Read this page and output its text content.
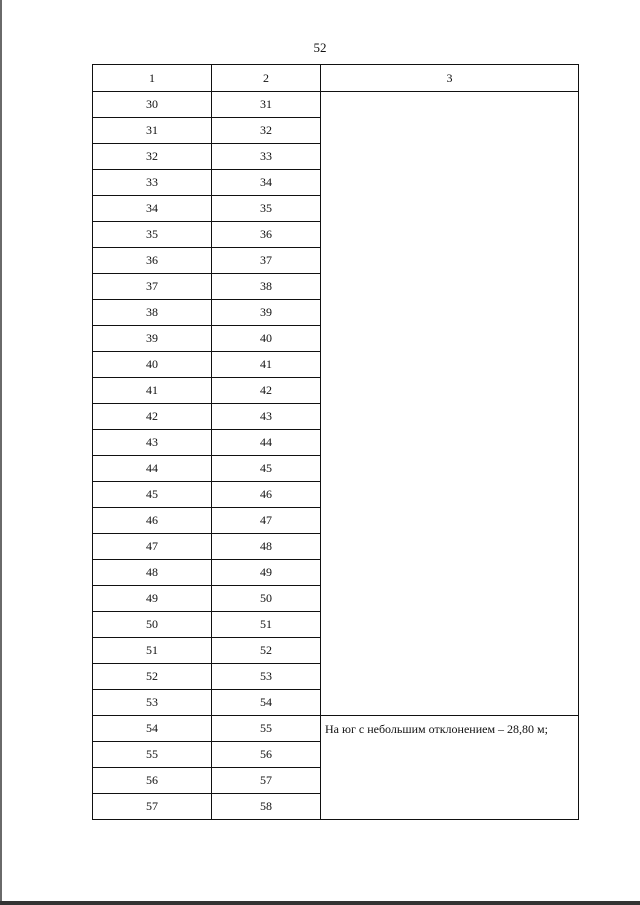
52
1	2	3
30	31	
31	32	
32	33	
33	34	
34	35	
35	36	
36	37	
37	38	
38	39	
39	40	
40	41	
41	42	
42	43	
43	44	
44	45	
45	46	
46	47	
47	48	
48	49	
49	50	
50	51	
51	52	
52	53	
53	54	
54	55	На юг с небольшим отклонением – 28,80 м;

55	56	
56	57	
57	58	
